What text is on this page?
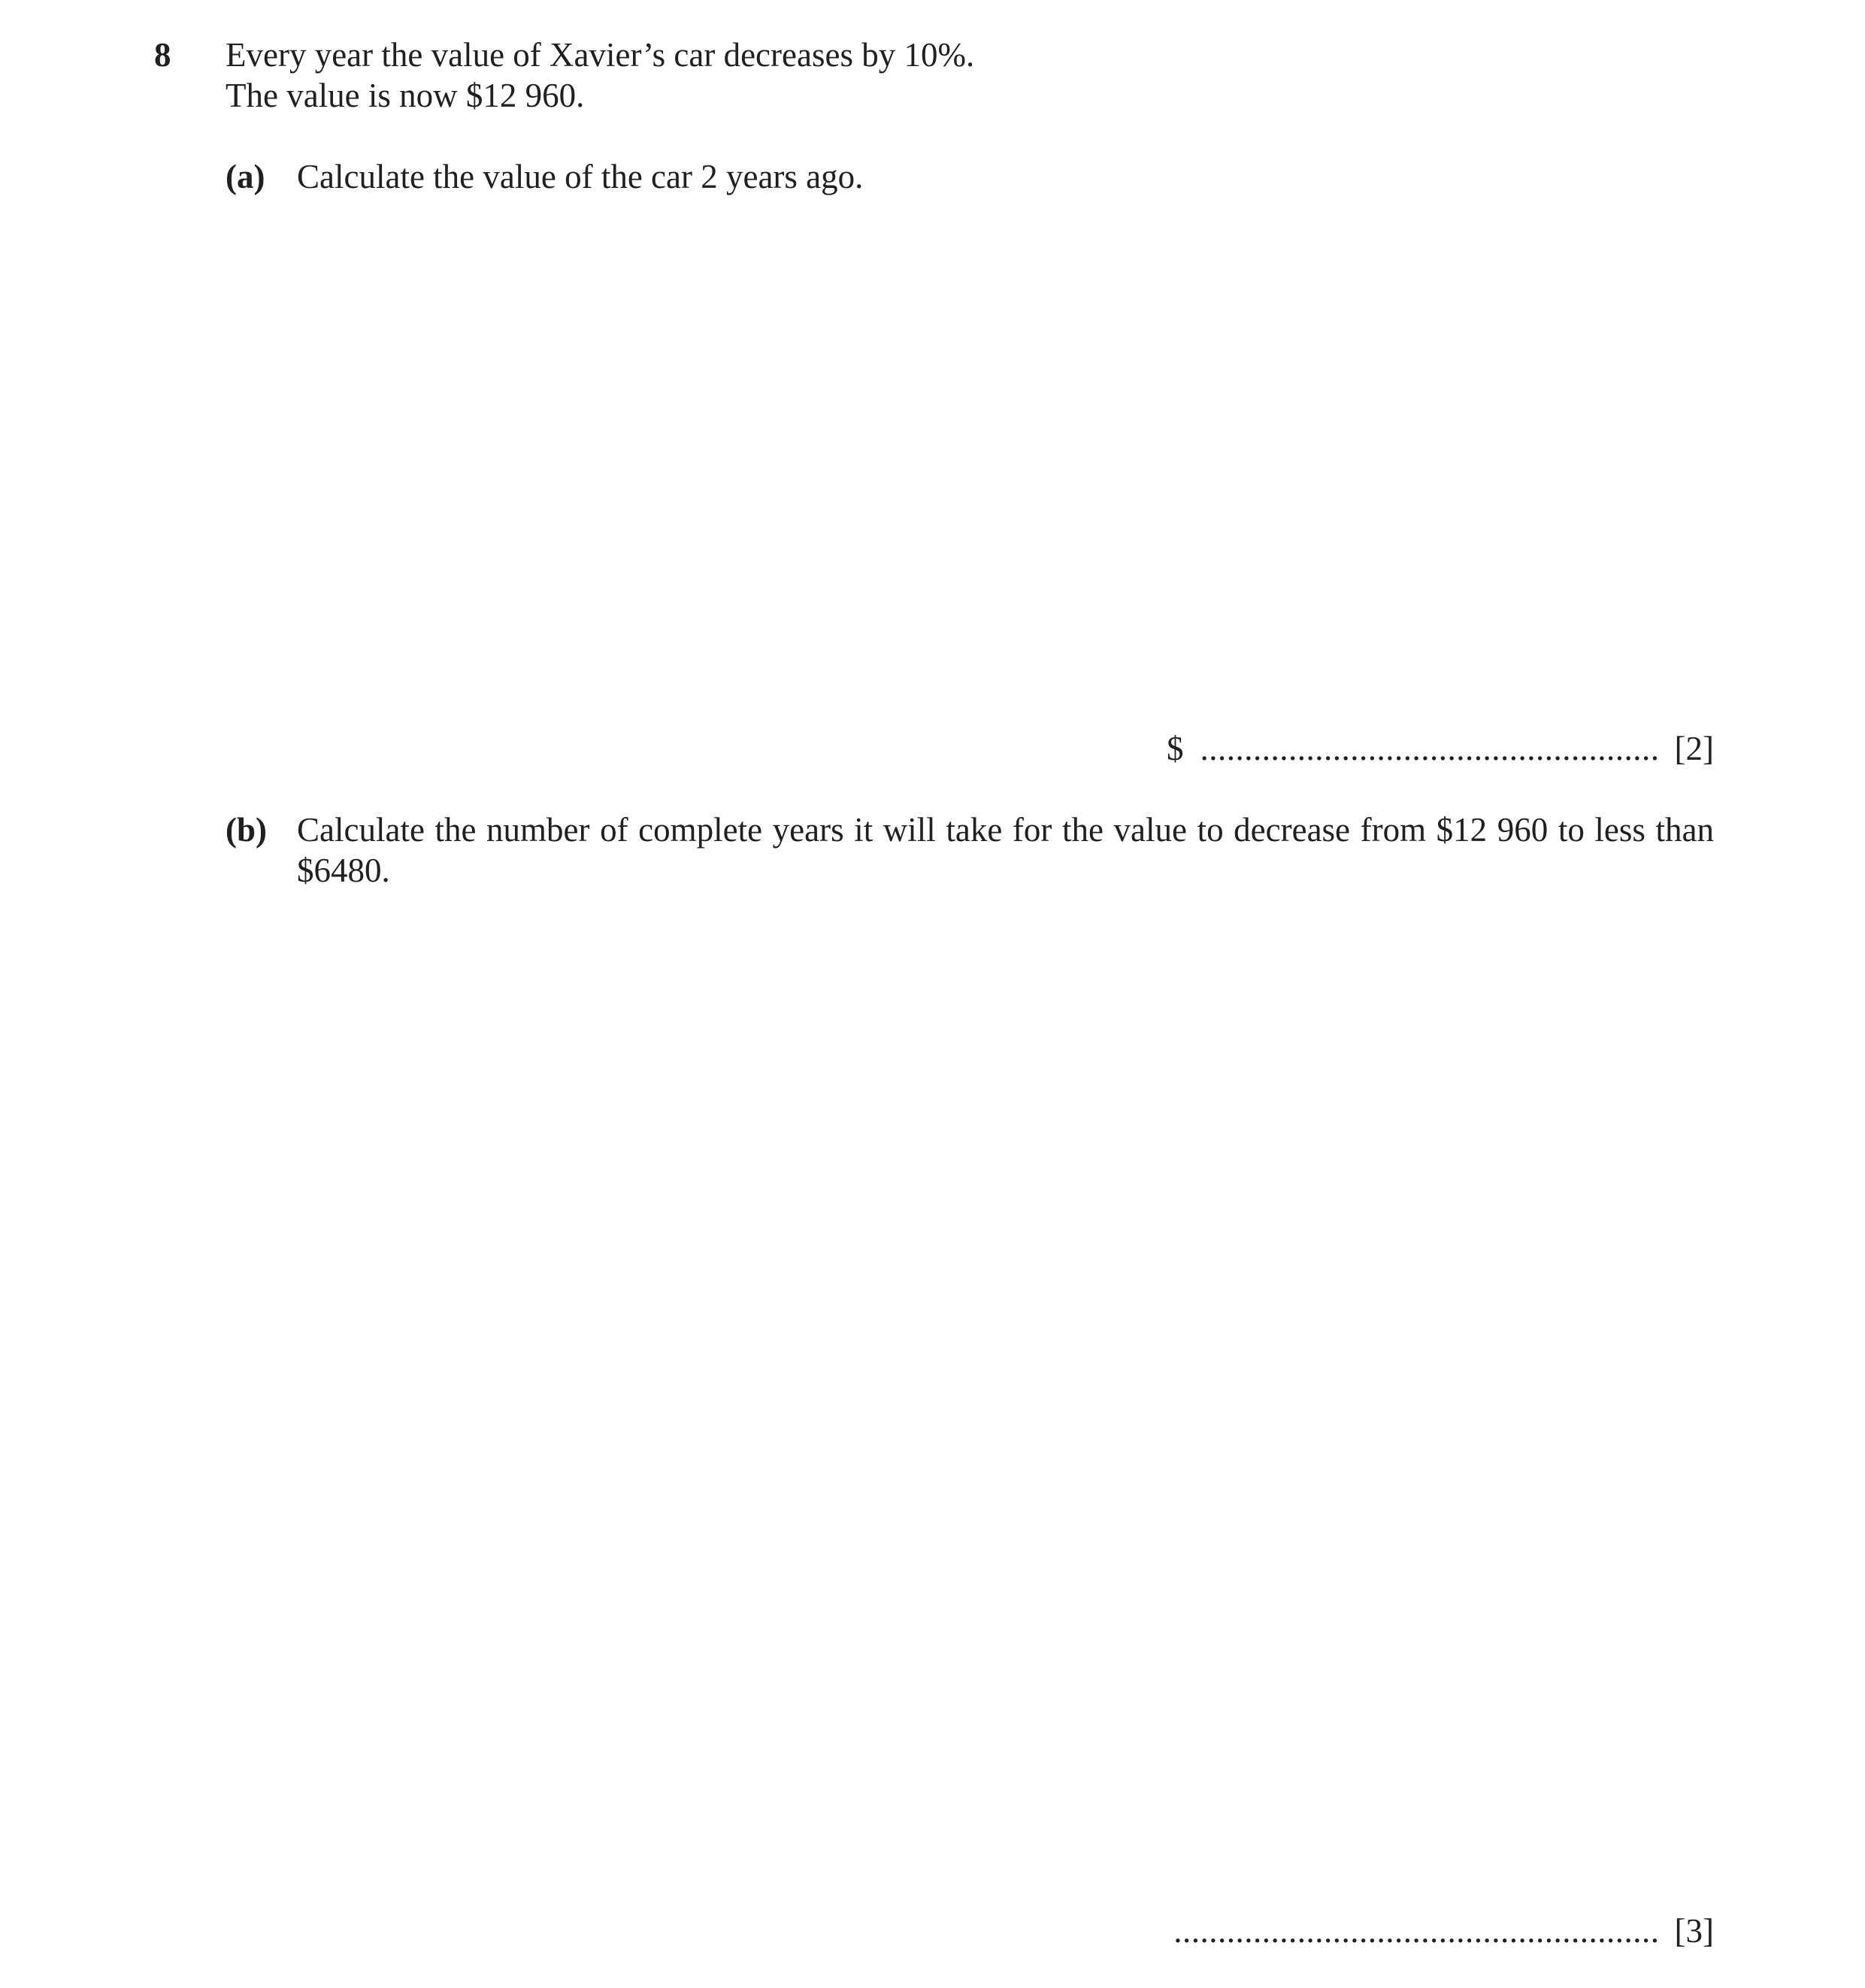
8 Every year the value of Xavier’s car decreases by 10%.
The value is now $12 960.
(a) Calculate the value of the car 2 years ago.
$ .................................................... [2]
(b) Calculate the number of complete years it will take for the value to decrease from $12 960 to less than $6480.
....................................................... [3]
